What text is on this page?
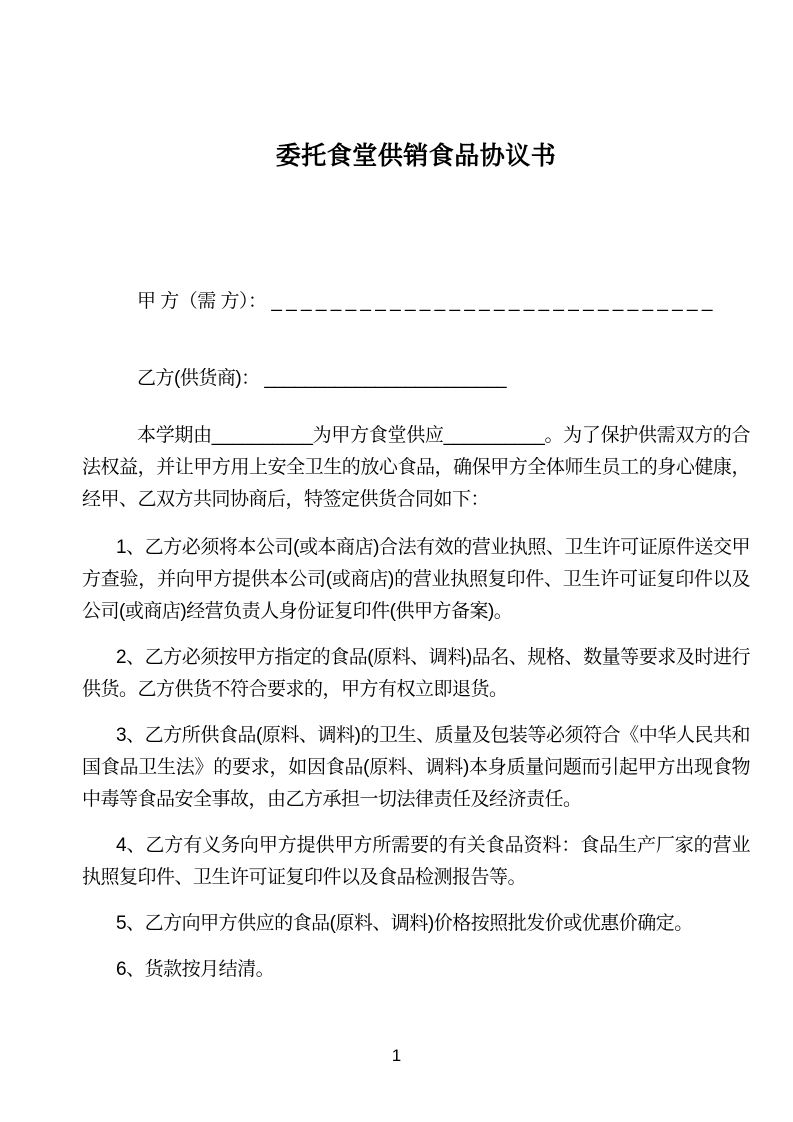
委托食堂供销食品协议书

甲 方（需 方）： _ _ _ _ _ _ _ _ _ _ _ _ _ _ _ _ _ _ _ _ _ _ _ _ _ _ _ _ _ _

乙方(供货商)： ________________________

本学期由__________为甲方食堂供应__________。为了保护供需双方的合法权益，并让甲方用上安全卫生的放心食品，确保甲方全体师生员工的身心健康，经甲、乙双方共同协商后，特签定供货合同如下：

1、乙方必须将本公司(或本商店)合法有效的营业执照、卫生许可证原件送交甲方查验，并向甲方提供本公司(或商店)的营业执照复印件、卫生许可证复印件以及公司(或商店)经营负责人身份证复印件(供甲方备案)。

2、乙方必须按甲方指定的食品(原料、调料)品名、规格、数量等要求及时进行供货。乙方供货不符合要求的，甲方有权立即退货。

3、乙方所供食品(原料、调料)的卫生、质量及包装等必须符合《中华人民共和国食品卫生法》的要求，如因食品(原料、调料)本身质量问题而引起甲方出现食物中毒等食品安全事故，由乙方承担一切法律责任及经济责任。

4、乙方有义务向甲方提供甲方所需要的有关食品资料：食品生产厂家的营业执照复印件、卫生许可证复印件以及食品检测报告等。

5、乙方向甲方供应的食品(原料、调料)价格按照批发价或优惠价确定。

6、货款按月结清。

1
